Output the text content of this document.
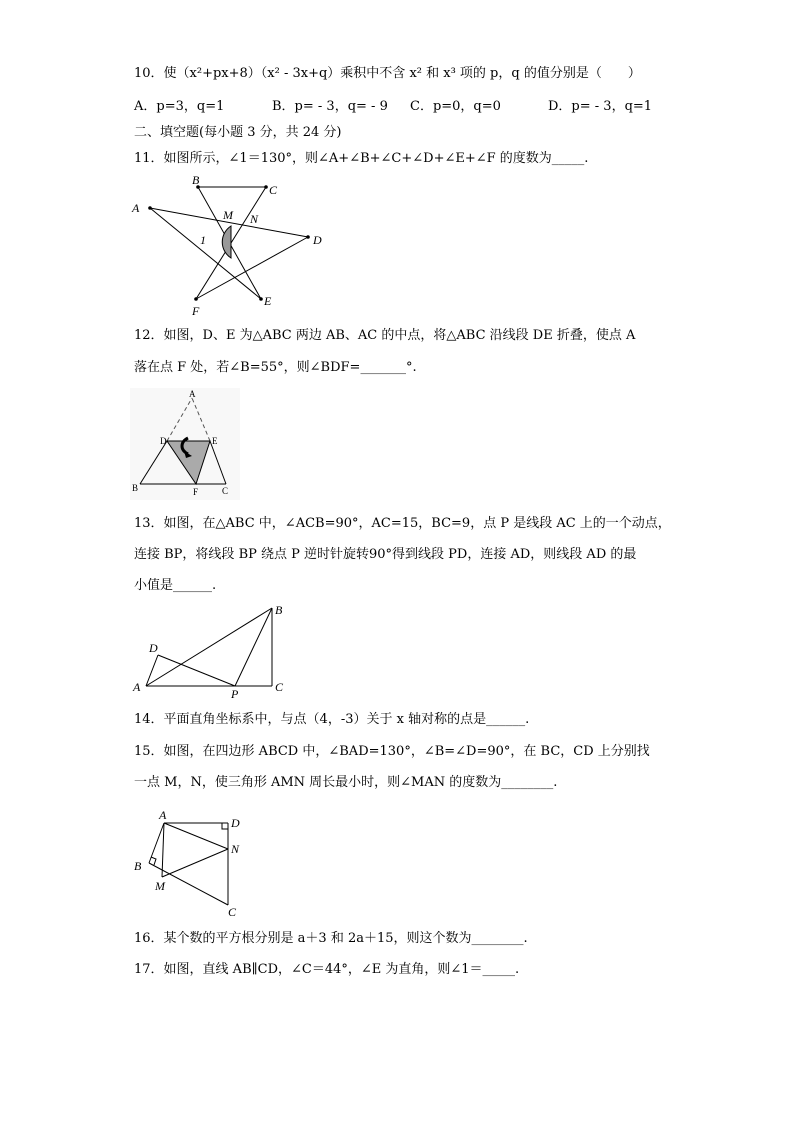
10．使（x²+px+8）（x² - 3x+q）乘积中不含 x² 和 x³ 项的 p，q 的值分别是（　　）
A．p=3，q=1	B．p= - 3，q= - 9 C．p=0，q=0	D．p= - 3，q=1
二、填空题(每小题 3 分，共 24 分)
11．如图所示，∠1＝130°，则∠A+∠B+∠C+∠D+∠E+∠F 的度数为_____.
A
B
C
D
E
F
M N
1
12．如图，D、E 为△ABC 两边 AB、AC 的中点，将△ABC 沿线段 DE 折叠，使点 A
落在点 F 处，若∠B=55°，则∠BDF=_______°.
A
D	E
B	F	C
13．如图，在△ABC 中，∠ACB=90°，AC=15，BC=9，点 P 是线段 AC 上的一个动点，
连接 BP，将线段 BP 绕点 P 逆时针旋转90°得到线段 PD，连接 AD，则线段 AD 的最
小值是______.
A
B
C
D
P
14．平面直角坐标系中，与点（4，-3）关于 x 轴对称的点是______.
15．如图，在四边形 ABCD 中，∠BAD=130°，∠B=∠D=90°，在 BC，CD 上分别找
一点 M，N，使三角形 AMN 周长最小时，则∠MAN 的度数为________.
A
D
N
B
M
C
16．某个数的平方根分别是 a＋3 和 2a＋15，则这个数为________.
17．如图，直线 AB∥CD，∠C＝44°，∠E 为直角，则∠1＝_____.
